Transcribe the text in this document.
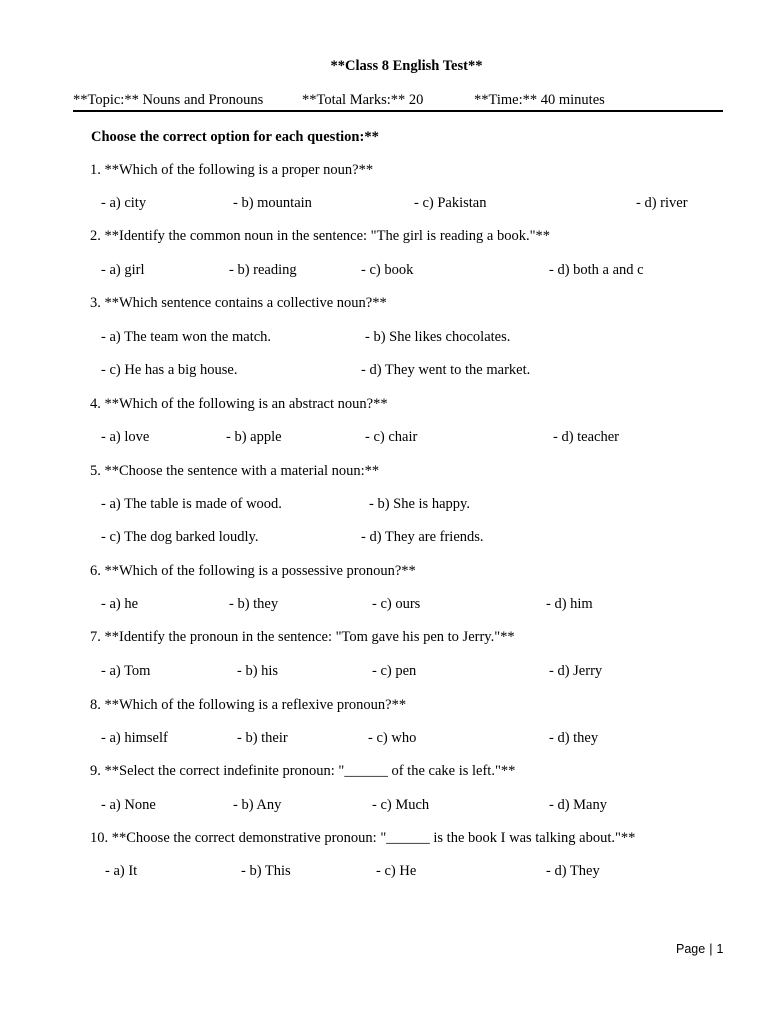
**Class 8 English Test**
**Topic:** Nouns and Pronouns	**Total Marks:** 20	**Time:** 40 minutes
Choose the correct option for each question:**
1. **Which of the following is a proper noun?**
- a) city	- b) mountain	- c) Pakistan	- d) river
2. **Identify the common noun in the sentence: "The girl is reading a book."**
- a) girl	- b) reading	- c) book	- d) both a and c
3. **Which sentence contains a collective noun?**
- a) The team won the match.	- b) She likes chocolates.
- c) He has a big house.	- d) They went to the market.
4. **Which of the following is an abstract noun?**
- a) love	- b) apple	- c) chair	- d) teacher
5. **Choose the sentence with a material noun:**
- a) The table is made of wood.	- b) She is happy.
- c) The dog barked loudly.	- d) They are friends.
6. **Which of the following is a possessive pronoun?**
- a) he	- b) they	- c) ours	- d) him
7. **Identify the pronoun in the sentence: "Tom gave his pen to Jerry."**
- a) Tom	- b) his	- c) pen	- d) Jerry
8. **Which of the following is a reflexive pronoun?**
- a) himself	- b) their	- c) who	- d) they
9. **Select the correct indefinite pronoun: "______ of the cake is left."**
- a) None	- b) Any	- c) Much	- d) Many
10. **Choose the correct demonstrative pronoun: "______ is the book I was talking about."**
- a) It	- b) This	- c) He	- d) They
Page | 1
